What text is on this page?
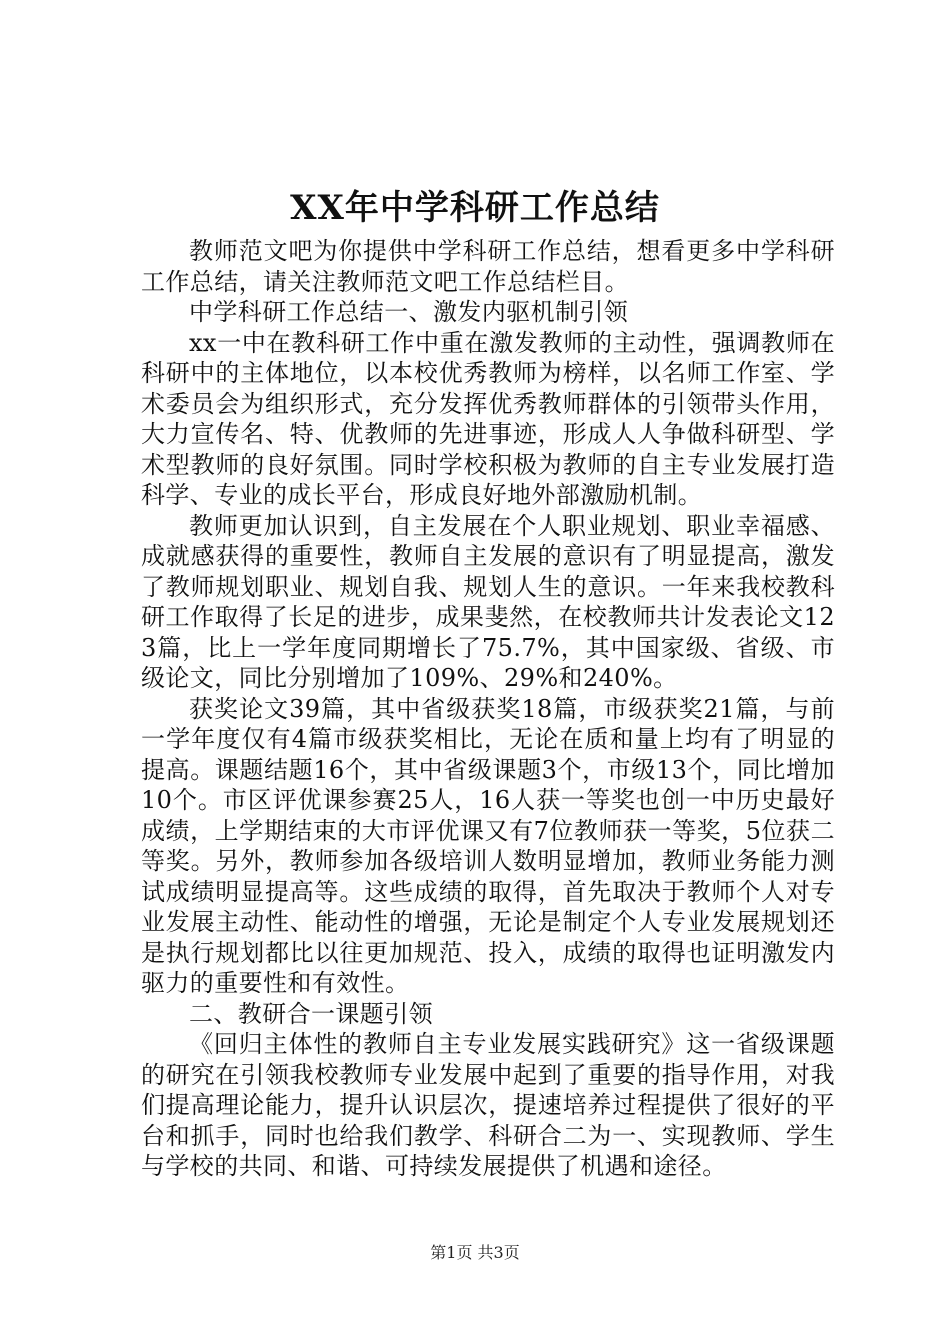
XX年中学科研工作总结

教师范文吧为你提供中学科研工作总结，想看更多中学科研工作总结，请关注教师范文吧工作总结栏目。

中学科研工作总结一、激发内驱机制引领

xx一中在教科研工作中重在激发教师的主动性，强调教师在科研中的主体地位，以本校优秀教师为榜样，以名师工作室、学术委员会为组织形式，充分发挥优秀教师群体的引领带头作用，大力宣传名、特、优教师的先进事迹，形成人人争做科研型、学术型教师的良好氛围。同时学校积极为教师的自主专业发展打造科学、专业的成长平台，形成良好地外部激励机制。

教师更加认识到，自主发展在个人职业规划、职业幸福感、成就感获得的重要性，教师自主发展的意识有了明显提高，激发了教师规划职业、规划自我、规划人生的意识。一年来我校教科研工作取得了长足的进步，成果斐然，在校教师共计发表论文123篇，比上一学年度同期增长了75.7%，其中国家级、省级、市级论文，同比分别增加了109%、29%和240%。

获奖论文39篇，其中省级获奖18篇，市级获奖21篇，与前一学年度仅有4篇市级获奖相比，无论在质和量上均有了明显的提高。课题结题16个，其中省级课题3个，市级13个，同比增加10个。市区评优课参赛25人，16人获一等奖也创一中历史最好成绩，上学期结束的大市评优课又有7位教师获一等奖，5位获二等奖。另外，教师参加各级培训人数明显增加，教师业务能力测试成绩明显提高等。这些成绩的取得，首先取决于教师个人对专业发展主动性、能动性的增强，无论是制定个人专业发展规划还是执行规划都比以往更加规范、投入，成绩的取得也证明激发内驱力的重要性和有效性。

二、教研合一课题引领

《回归主体性的教师自主专业发展实践研究》这一省级课题的研究在引领我校教师专业发展中起到了重要的指导作用，对我们提高理论能力，提升认识层次，提速培养过程提供了很好的平台和抓手，同时也给我们教学、科研合二为一、实现教师、学生与学校的共同、和谐、可持续发展提供了机遇和途径。

第1页 共3页
